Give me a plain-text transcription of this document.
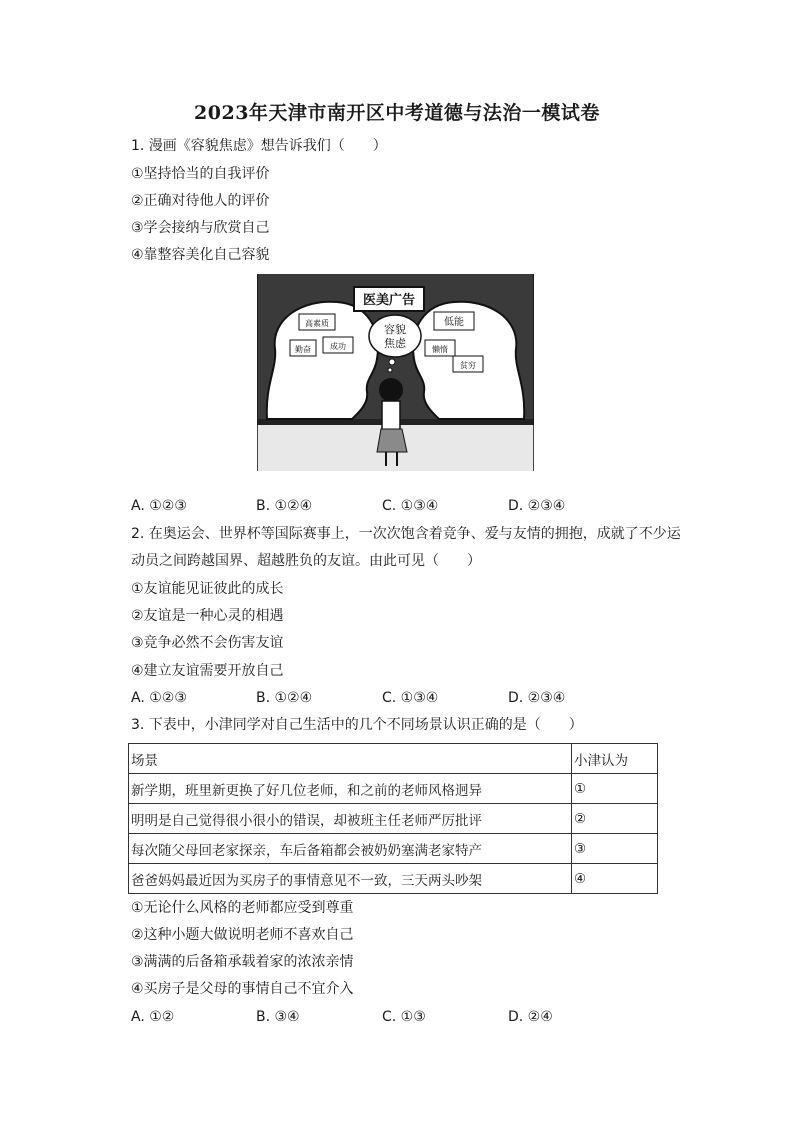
2023年天津市南开区中考道德与法治一模试卷
1. 漫画《容貌焦虑》想告诉我们（　　）
①坚持恰当的自我评价
②正确对待他人的评价
③学会接纳与欣赏自己
④靠整容美化自己容貌
医美广告
容貌
焦虑
高素质
勤奋 成功
低能
懒惰
贫穷
A. ①②③	B. ①②④	C. ①③④	D. ②③④
2. 在奥运会、世界杯等国际赛事上，一次次饱含着竞争、爱与友情的拥抱，成就了不少运
动员之间跨越国界、超越胜负的友谊。由此可见（　　）
①友谊能见证彼此的成长
②友谊是一种心灵的相遇
③竞争必然不会伤害友谊
④建立友谊需要开放自己
A. ①②③	B. ①②④	C. ①③④	D. ②③④
3. 下表中，小津同学对自己生活中的几个不同场景认识正确的是（　　）
场景	小津认为
新学期，班里新更换了好几位老师，和之前的老师风格迥异	①
明明是自己觉得很小很小的错误，却被班主任老师严厉批评	②
每次随父母回老家探亲，车后备箱都会被奶奶塞满老家特产	③
爸爸妈妈最近因为买房子的事情意见不一致，三天两头吵架	④
①无论什么风格的老师都应受到尊重
②这种小题大做说明老师不喜欢自己
③满满的后备箱承载着家的浓浓亲情
④买房子是父母的事情自己不宜介入
A. ①②	B. ③④	C. ①③	D. ②④
